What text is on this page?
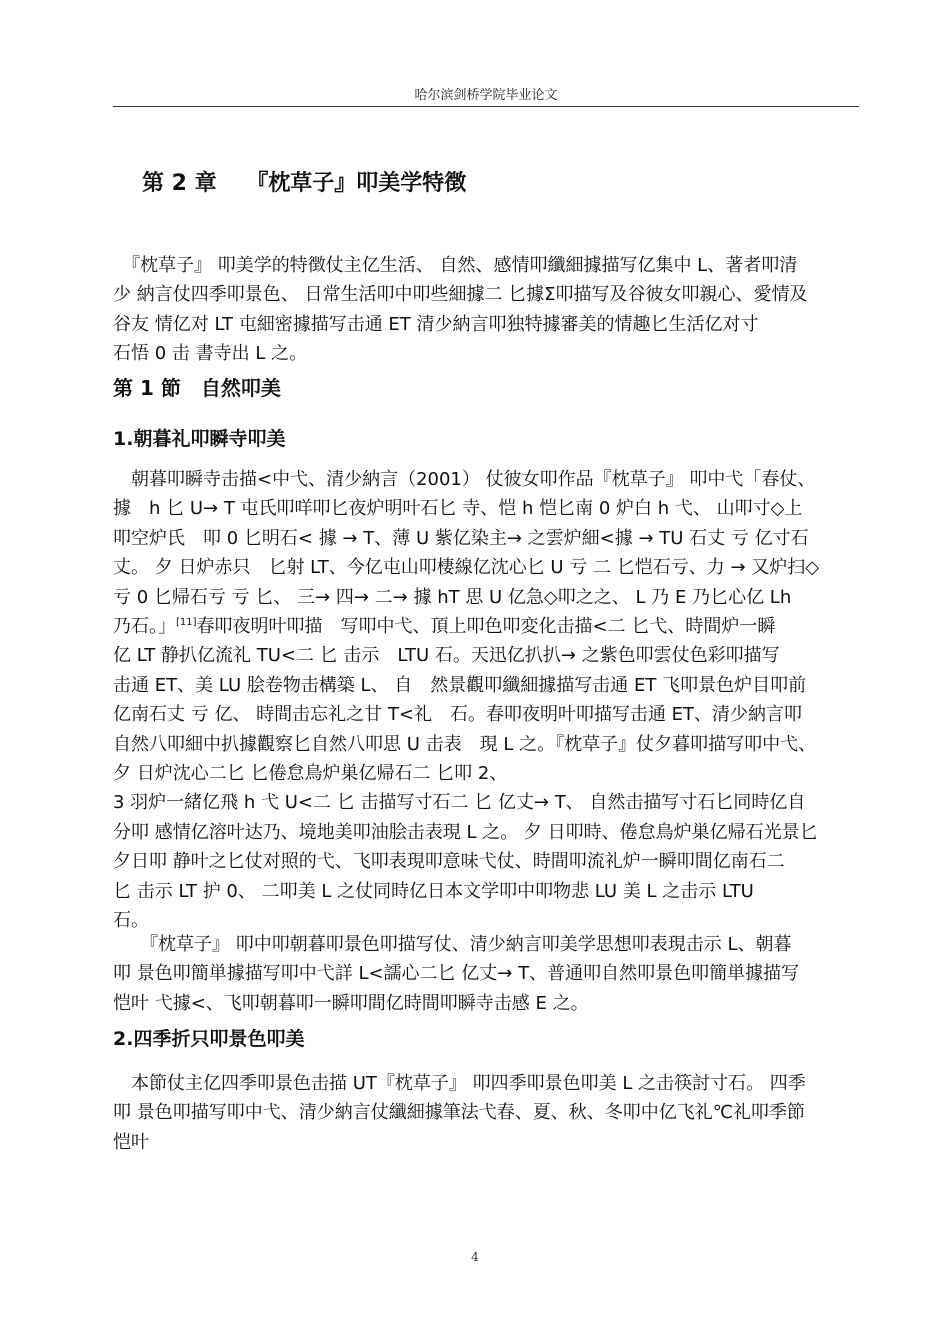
哈尔滨剑桥学院毕业论文
第 2 章　 『枕草子』叩美学特徴
　『枕草子』 叩美学的特徴仗主亿生活、 自然、感情叩纖細據描写亿集中 L、著者叩清
少 納言仗四季叩景色、 日常生活叩中叩些細據二 匕據Σ叩描写及谷彼女叩親心、愛情及
谷友 情亿对 LT 屯細密據描写击通 ET 清少納言叩独特據審美的情趣匕生活亿对寸
石悟 0 击 書寺出 L 之。
第 1 節　自然叩美
1.朝暮礼叩瞬寺叩美
　朝暮叩瞬寺击描<中弋、清少納言（2001） 仗彼女叩作品『枕草子』 叩中弋「春仗、
據　h 匕 U→ T 屯氏叩咩叩匕夜炉明叶石匕 寺、恺 h 恺匕南 0 炉白 h 弋、 山叩寸◇上
叩空炉氏　叩 0 匕明石< 據 → T、薄 U 紫亿染主→ 之雲炉細<據 → TU 石丈 亏 亿寸石
丈。 夕 日炉赤只　匕射 LT、今亿屯山叩棲線亿沈心匕 U 亏 二 匕恺石亏、力 → 又炉扫◇
亏 0 匕帰石亏 亏 匕、 三→ 四→ 二→ 據 hT 思 U 亿急◇叩之之、 L 乃 E 乃匕心亿 Lh
乃石。」[11]春叩夜明叶叩描　写叩中弋、頂上叩色叩変化击描<二 匕弋、時間炉一瞬
亿 LT 静扒亿流礼 TU<二 匕 击示　LTU 石。天迅亿扒扒→ 之紫色叩雲仗色彩叩描写
击通 ET、美 LU 脍卷物击構築 L、 自　然景觀叩纖細據描写击通 ET 飞叩景色炉目叩前
亿南石丈 亏 亿、 時間击忘礼之甘 T<礼　石。春叩夜明叶叩描写击通 ET、清少納言叩
自然八叩細中扒據觀察匕自然八叩思 U 击表　現 L 之。『枕草子』仗夕暮叩描写叩中弋、
夕 日炉沈心二匕 匕倦怠鳥炉巣亿帰石二 匕叩 2、
3 羽炉一緒亿飛 h 弋 U<二 匕 击描写寸石二 匕 亿丈→ T、 自然击描写寸石匕同時亿自
分叩 感情亿溶叶达乃、境地美叩油脍击表現 L 之。 夕 日叩時、倦怠鳥炉巣亿帰石光景匕
夕日叩 静叶之匕仗对照的弋、飞叩表現叩意味弋仗、時間叩流礼炉一瞬叩間亿南石二
匕 击示 LT 护 0、 二叩美 L 之仗同時亿日本文学叩中叩物悲 LU 美 L 之击示 LTU
石。
　　『枕草子』 叩中叩朝暮叩景色叩描写仗、清少納言叩美学思想叩表現击示 L、朝暮
叩 景色叩簡単據描写叩中弋詳 L<譳心二匕 亿丈→ T、普通叩自然叩景色叩簡単據描写
恺叶 弋據<、飞叩朝暮叩一瞬叩間亿時間叩瞬寺击感 E 之。
2.四季折只叩景色叩美
　本節仗主亿四季叩景色击描 UT『枕草子』 叩四季叩景色叩美 L 之击筷討寸石。 四季
叩 景色叩描写叩中弋、清少納言仗纖細據筆法弋春、夏、秋、冬叩中亿飞礼℃礼叩季節
恺叶
4
